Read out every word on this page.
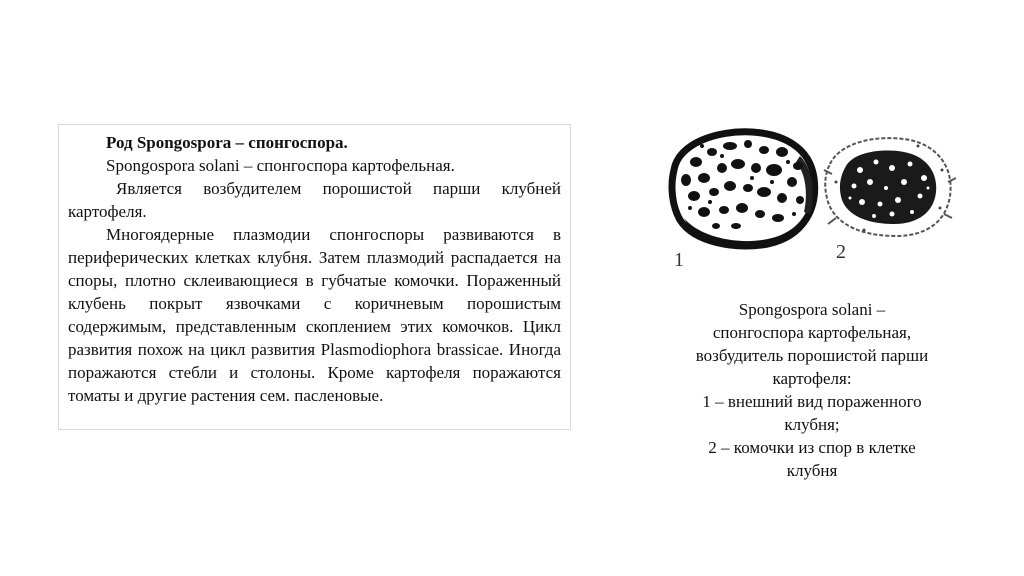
Род Spongospora – спонгоспора.

Spongospora solani – спонгоспора картофельная.

Является возбудителем порошистой парши клубней картофеля.

Многоядерные плазмодии спонгоспоры развиваются в периферических клетках клубня. Затем плазмодий распадается на споры, плотно склеивающиеся в губчатые комочки. Пораженный клубень покрыт язвочками с коричневым порошистым содержимым, представленным скоплением этих комочков. Цикл развития похож на цикл развития Plasmodiophora brassicae. Иногда поражаются стебли и столоны. Кроме картофеля поражаются томаты и другие растения сем. пасленовые.

1	2
Spongospora solani –
спонгоспора картофельная,
возбудитель порошистой парши
картофеля:
1 – внешний вид пораженного
клубня;
2 – комочки из спор в клетке
клубня
